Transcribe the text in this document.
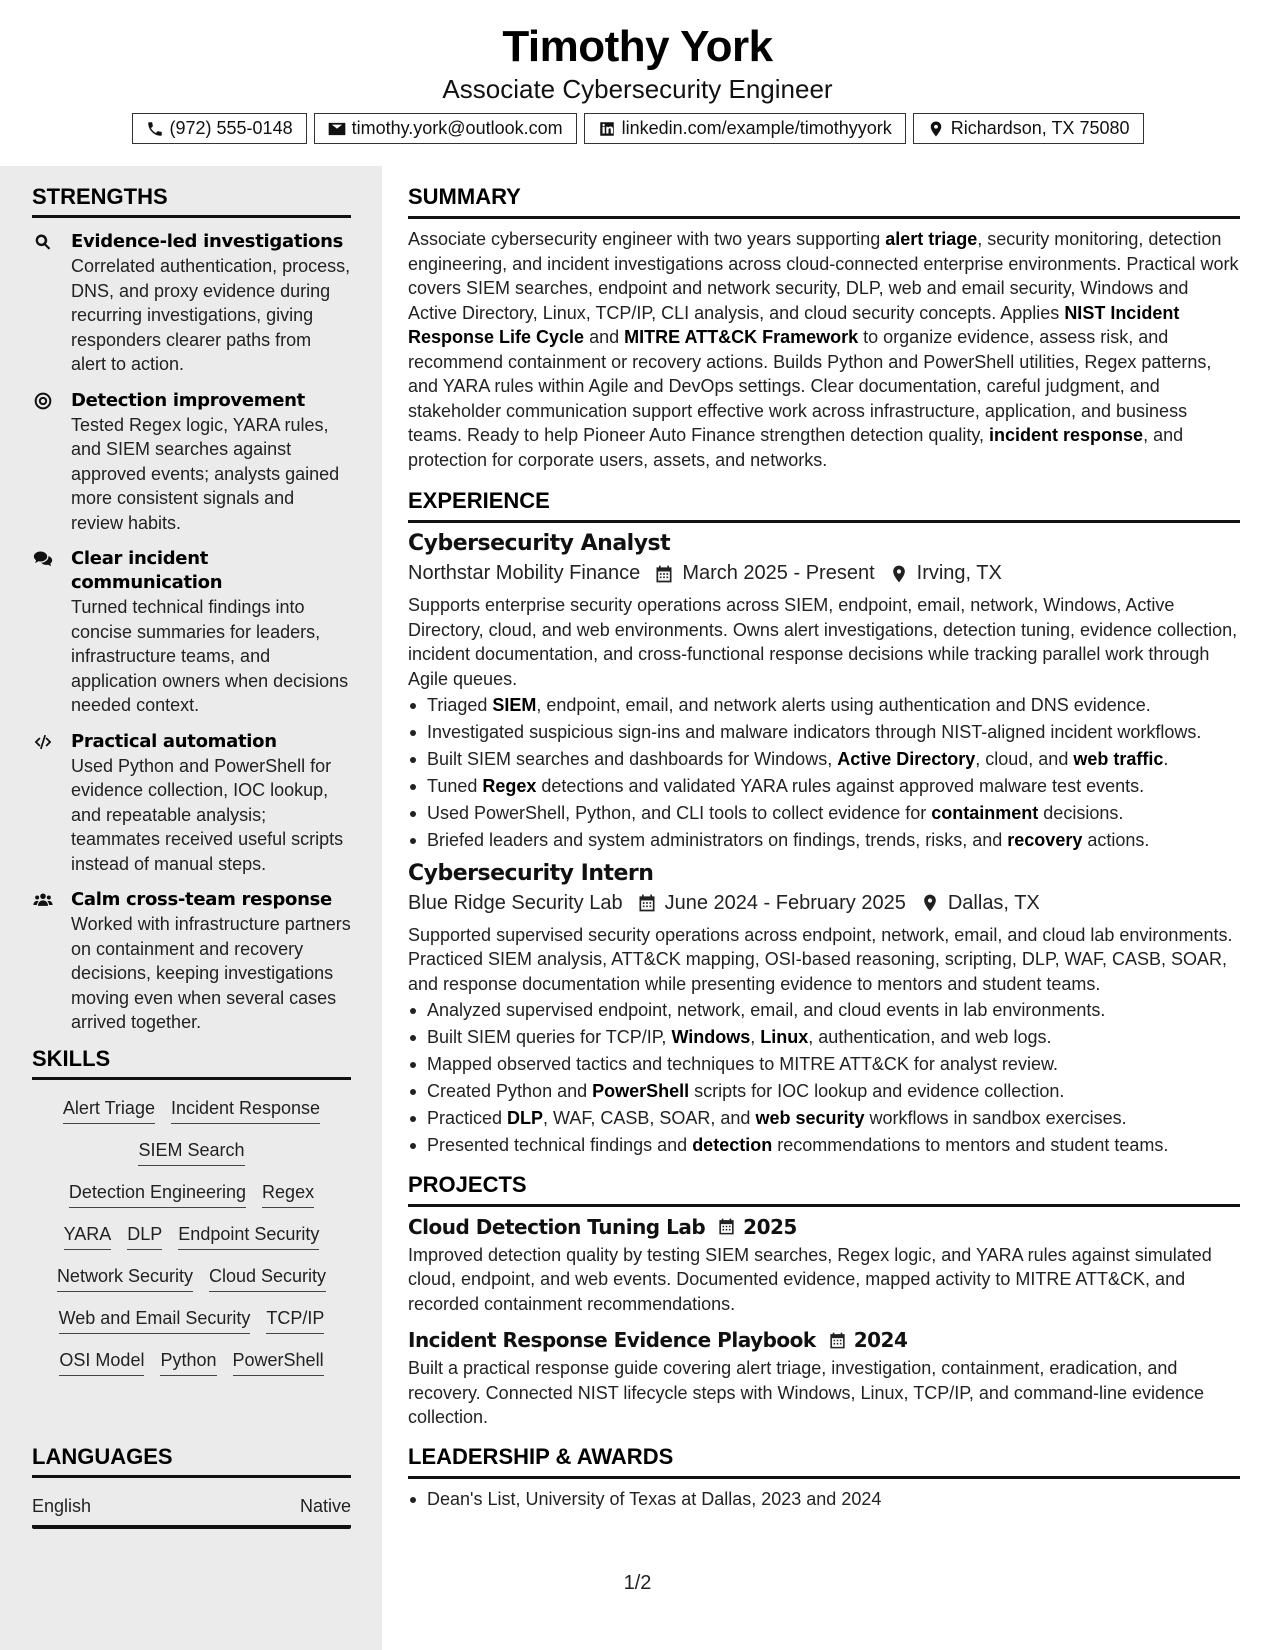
Timothy York
Associate Cybersecurity Engineer
(972) 555-0148	timothy.york@outlook.com	linkedin.com/example/timothyyork	Richardson, TX 75080
STRENGTHS
Evidence-led investigations
Correlated authentication, process, DNS, and proxy evidence during recurring investigations, giving responders clearer paths from alert to action.
Detection improvement
Tested Regex logic, YARA rules, and SIEM searches against approved events; analysts gained more consistent signals and review habits.
Clear incident communication
Turned technical findings into concise summaries for leaders, infrastructure teams, and application owners when decisions needed context.
Practical automation
Used Python and PowerShell for evidence collection, IOC lookup, and repeatable analysis; teammates received useful scripts instead of manual steps.
Calm cross-team response
Worked with infrastructure partners on containment and recovery decisions, keeping investigations moving even when several cases arrived together.
SKILLS
Alert Triage Incident Response
SIEM Search
Detection Engineering Regex
YARA DLP Endpoint Security
Network Security Cloud Security
Web and Email Security TCP/IP
OSI Model Python PowerShell
LANGUAGES
English	Native
SUMMARY
Associate cybersecurity engineer with two years supporting alert triage, security monitoring, detection engineering, and incident investigations across cloud-connected enterprise environments. Practical work covers SIEM searches, endpoint and network security, DLP, web and email security, Windows and Active Directory, Linux, TCP/IP, CLI analysis, and cloud security concepts. Applies NIST Incident Response Life Cycle and MITRE ATT&CK Framework to organize evidence, assess risk, and recommend containment or recovery actions. Builds Python and PowerShell utilities, Regex patterns, and YARA rules within Agile and DevOps settings. Clear documentation, careful judgment, and stakeholder communication support effective work across infrastructure, application, and business teams. Ready to help Pioneer Auto Finance strengthen detection quality, incident response, and protection for corporate users, assets, and networks.
EXPERIENCE
Cybersecurity Analyst
Northstar Mobility Finance March 2025 - Present Irving, TX
Supports enterprise security operations across SIEM, endpoint, email, network, Windows, Active Directory, cloud, and web environments. Owns alert investigations, detection tuning, evidence collection, incident documentation, and cross-functional response decisions while tracking parallel work through Agile queues.
Triaged SIEM, endpoint, email, and network alerts using authentication and DNS evidence.
Investigated suspicious sign-ins and malware indicators through NIST-aligned incident workflows.
Built SIEM searches and dashboards for Windows, Active Directory, cloud, and web traffic.
Tuned Regex detections and validated YARA rules against approved malware test events.
Used PowerShell, Python, and CLI tools to collect evidence for containment decisions.
Briefed leaders and system administrators on findings, trends, risks, and recovery actions.
Cybersecurity Intern
Blue Ridge Security Lab June 2024 - February 2025 Dallas, TX
Supported supervised security operations across endpoint, network, email, and cloud lab environments. Practiced SIEM analysis, ATT&CK mapping, OSI-based reasoning, scripting, DLP, WAF, CASB, SOAR, and response documentation while presenting evidence to mentors and student teams.
Analyzed supervised endpoint, network, email, and cloud events in lab environments.
Built SIEM queries for TCP/IP, Windows, Linux, authentication, and web logs.
Mapped observed tactics and techniques to MITRE ATT&CK for analyst review.
Created Python and PowerShell scripts for IOC lookup and evidence collection.
Practiced DLP, WAF, CASB, SOAR, and web security workflows in sandbox exercises.
Presented technical findings and detection recommendations to mentors and student teams.
PROJECTS
Cloud Detection Tuning Lab 2025
Improved detection quality by testing SIEM searches, Regex logic, and YARA rules against simulated cloud, endpoint, and web events. Documented evidence, mapped activity to MITRE ATT&CK, and recorded containment recommendations.
Incident Response Evidence Playbook 2024
Built a practical response guide covering alert triage, investigation, containment, eradication, and recovery. Connected NIST lifecycle steps with Windows, Linux, TCP/IP, and command-line evidence collection.
LEADERSHIP & AWARDS
Dean's List, University of Texas at Dallas, 2023 and 2024
1/2
